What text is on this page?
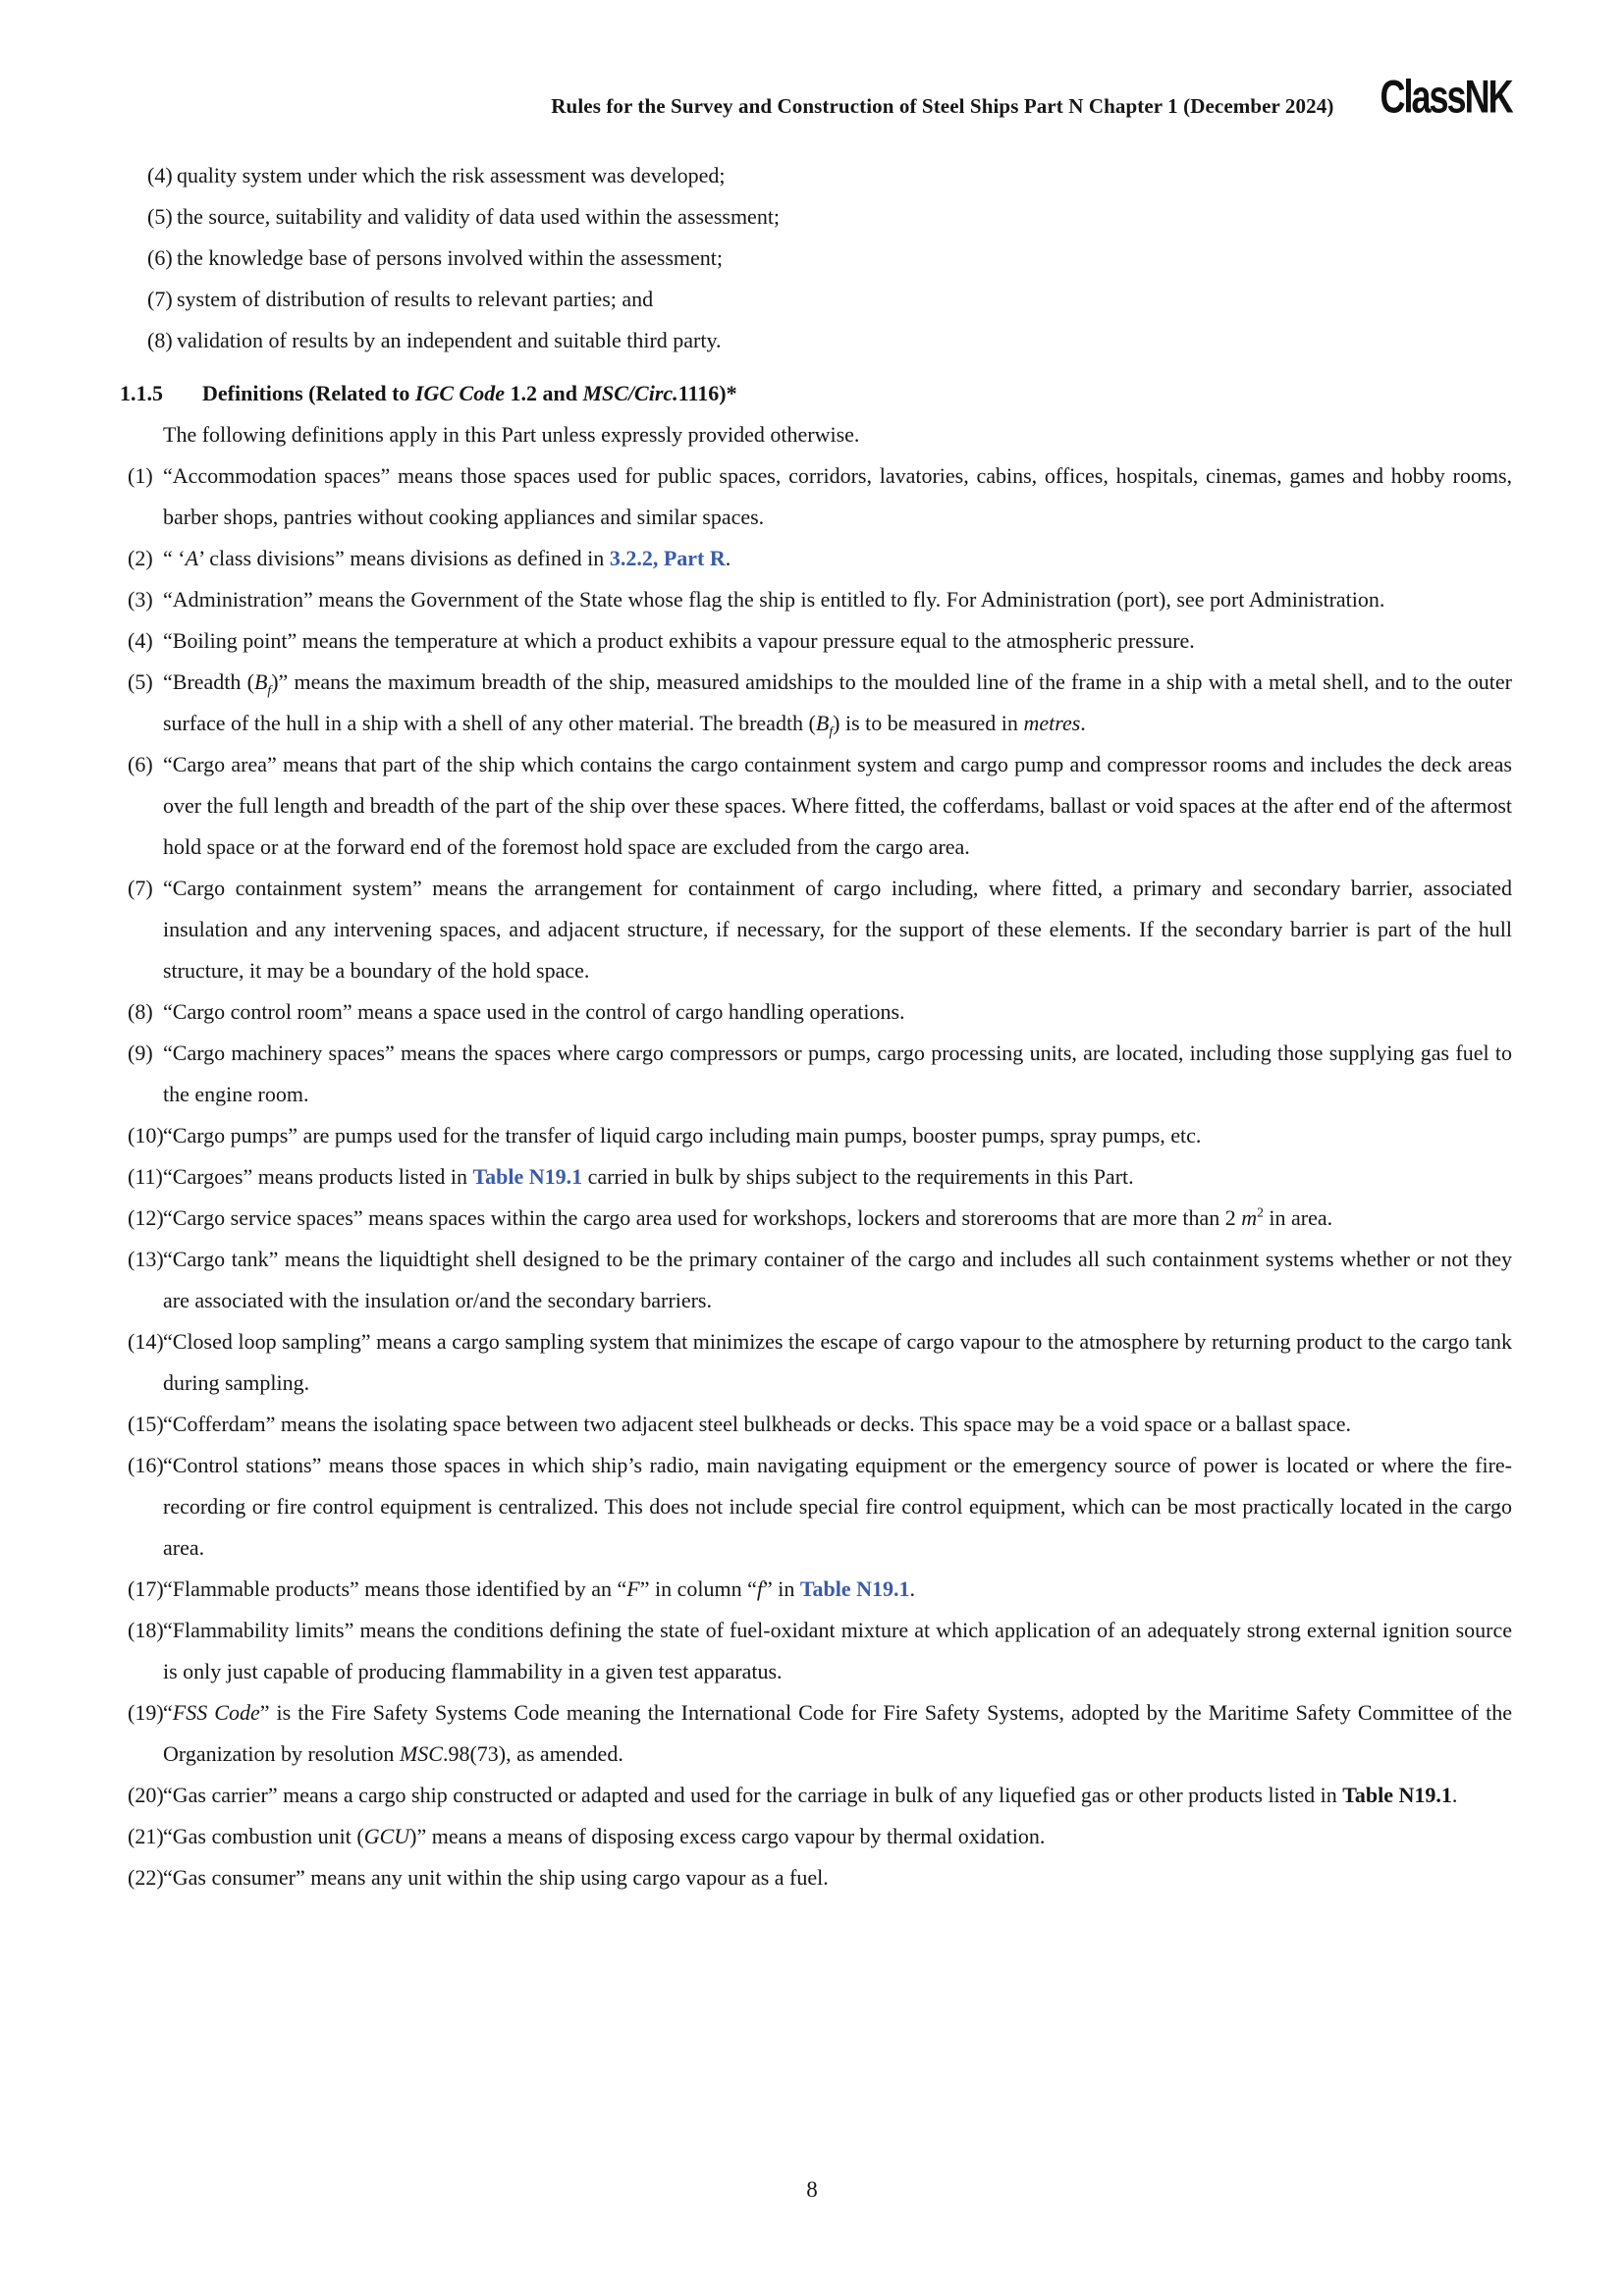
Rules for the Survey and Construction of Steel Ships Part N Chapter 1 (December 2024) ClassNK
(4) quality system under which the risk assessment was developed;
(5) the source, suitability and validity of data used within the assessment;
(6) the knowledge base of persons involved within the assessment;
(7) system of distribution of results to relevant parties; and
(8) validation of results by an independent and suitable third party.
1.1.5 Definitions (Related to IGC Code 1.2 and MSC/Circ.1116)*

The following definitions apply in this Part unless expressly provided otherwise.

(1) “Accommodation spaces” means those spaces used for public spaces, corridors, lavatories, cabins, offices, hospitals, cinemas, games and hobby rooms, barber shops, pantries without cooking appliances and similar spaces.
(2) “ ‘A’ class divisions” means divisions as defined in 3.2.2, Part R.
(3) “Administration” means the Government of the State whose flag the ship is entitled to fly. For Administration (port), see port Administration.
(4) “Boiling point” means the temperature at which a product exhibits a vapour pressure equal to the atmospheric pressure.
(5) “Breadth $(B_f)$” means the maximum breadth of the ship, measured amidships to the moulded line of the frame in a ship with a metal shell, and to the outer surface of the hull in a ship with a shell of any other material. The breadth $(B_f)$ is to be measured in metres.
(6) “Cargo area” means that part of the ship which contains the cargo containment system and cargo pump and compressor rooms and includes the deck areas over the full length and breadth of the part of the ship over these spaces. Where fitted, the cofferdams, ballast or void spaces at the after end of the aftermost hold space or at the forward end of the foremost hold space are excluded from the cargo area.
(7) “Cargo containment system” means the arrangement for containment of cargo including, where fitted, a primary and secondary barrier, associated insulation and any intervening spaces, and adjacent structure, if necessary, for the support of these elements. If the secondary barrier is part of the hull structure, it may be a boundary of the hold space.
(8) “Cargo control room” means a space used in the control of cargo handling operations.
(9) “Cargo machinery spaces” means the spaces where cargo compressors or pumps, cargo processing units, are located, including those supplying gas fuel to the engine room.
(10) “Cargo pumps” are pumps used for the transfer of liquid cargo including main pumps, booster pumps, spray pumps, etc.
(11) “Cargoes” means products listed in Table N19.1 carried in bulk by ships subject to the requirements in this Part.
(12) “Cargo service spaces” means spaces within the cargo area used for workshops, lockers and storerooms that are more than 2 $m^2$ in area.
(13) “Cargo tank” means the liquidtight shell designed to be the primary container of the cargo and includes all such containment systems whether or not they are associated with the insulation or/and the secondary barriers.
(14) “Closed loop sampling” means a cargo sampling system that minimizes the escape of cargo vapour to the atmosphere by returning product to the cargo tank during sampling.
(15) “Cofferdam” means the isolating space between two adjacent steel bulkheads or decks. This space may be a void space or a ballast space.
(16) “Control stations” means those spaces in which ship’s radio, main navigating equipment or the emergency source of power is located or where the fire-recording or fire control equipment is centralized. This does not include special fire control equipment, which can be most practically located in the cargo area.
(17) “Flammable products” means those identified by an “F” in column “f” in Table N19.1.
(18) “Flammability limits” means the conditions defining the state of fuel-oxidant mixture at which application of an adequately strong external ignition source is only just capable of producing flammability in a given test apparatus.
(19) “FSS Code” is the Fire Safety Systems Code meaning the International Code for Fire Safety Systems, adopted by the Maritime Safety Committee of the Organization by resolution MSC.98(73), as amended.
(20) “Gas carrier” means a cargo ship constructed or adapted and used for the carriage in bulk of any liquefied gas or other products listed in Table N19.1.
(21) “Gas combustion unit (GCU)” means a means of disposing excess cargo vapour by thermal oxidation.
(22) “Gas consumer” means any unit within the ship using cargo vapour as a fuel.
8
